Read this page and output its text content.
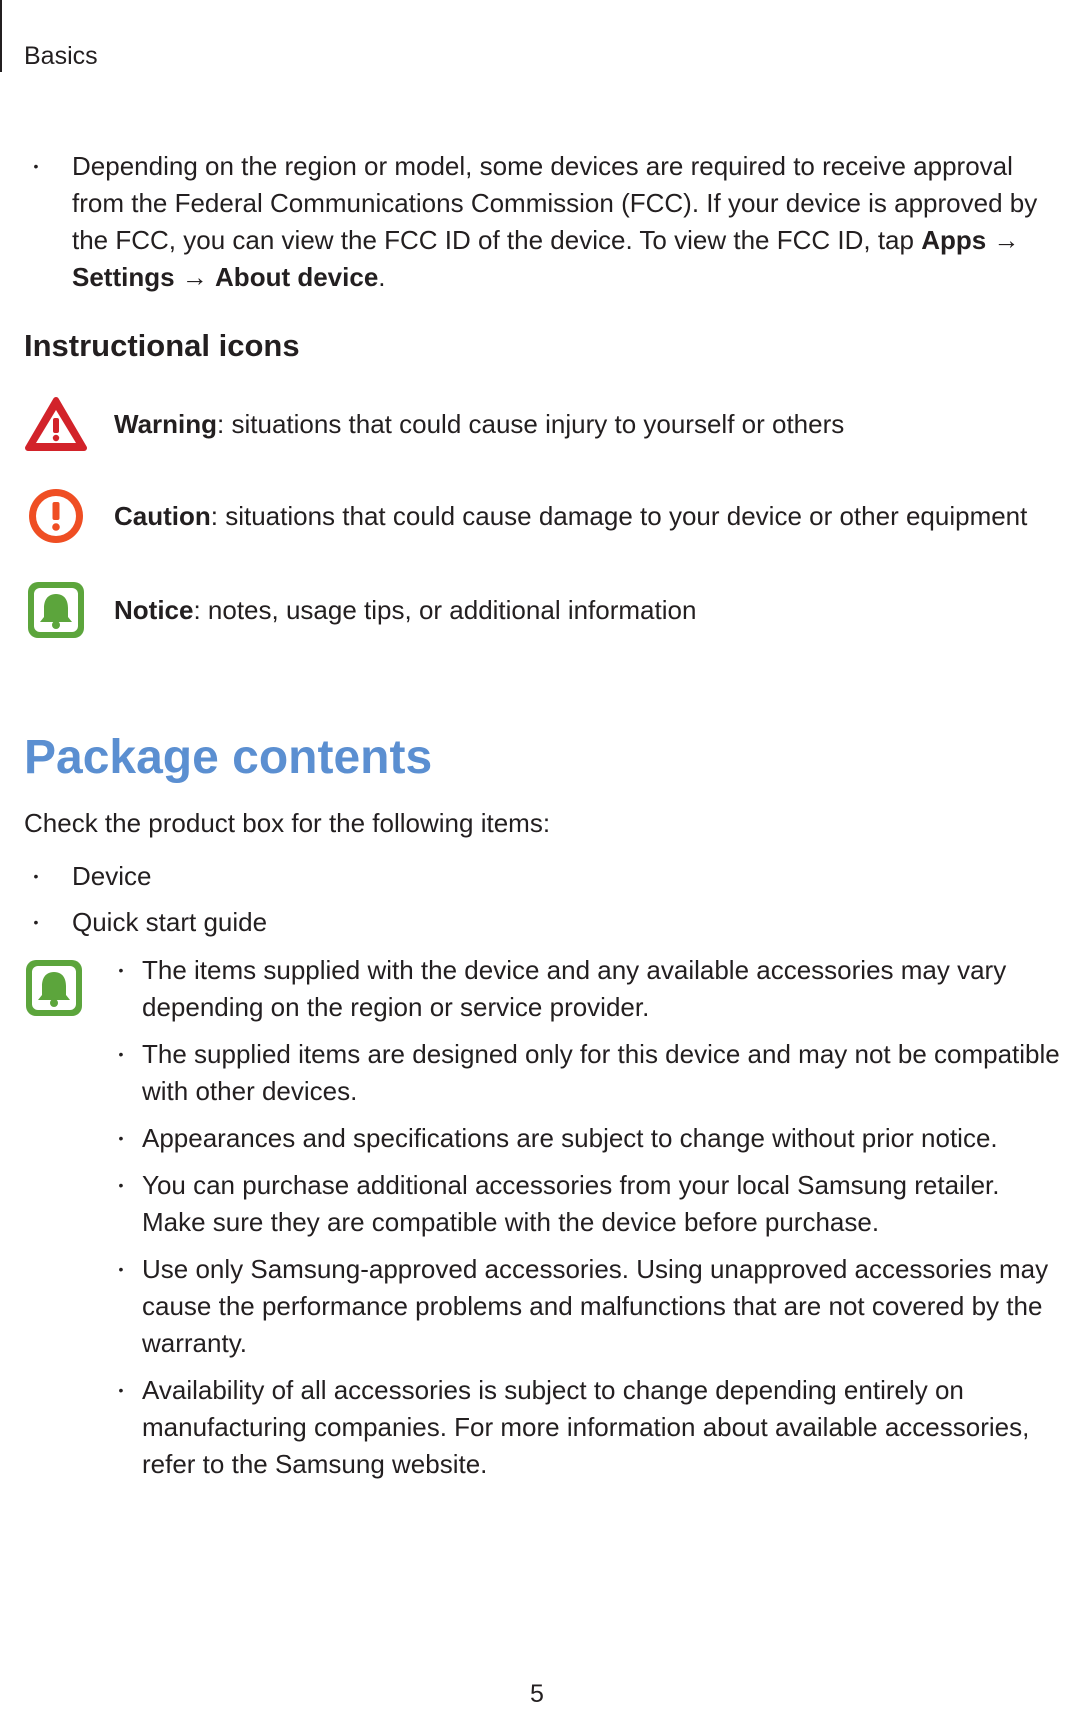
Basics
•	Depending on the region or model, some devices are required to receive approval from the Federal Communications Commission (FCC). If your device is approved by the FCC, you can view the FCC ID of the device. To view the FCC ID, tap Apps → Settings → About device.
Instructional icons
Warning: situations that could cause injury to yourself or others
Caution: situations that could cause damage to your device or other equipment
Notice: notes, usage tips, or additional information
Package contents
Check the product box for the following items:
•	Device
•	Quick start guide
• The items supplied with the device and any available accessories may vary depending on the region or service provider.
• The supplied items are designed only for this device and may not be compatible with other devices.
• Appearances and specifications are subject to change without prior notice.
• You can purchase additional accessories from your local Samsung retailer. Make sure they are compatible with the device before purchase.
• Use only Samsung-approved accessories. Using unapproved accessories may cause the performance problems and malfunctions that are not covered by the warranty.
• Availability of all accessories is subject to change depending entirely on manufacturing companies. For more information about available accessories, refer to the Samsung website.
5
